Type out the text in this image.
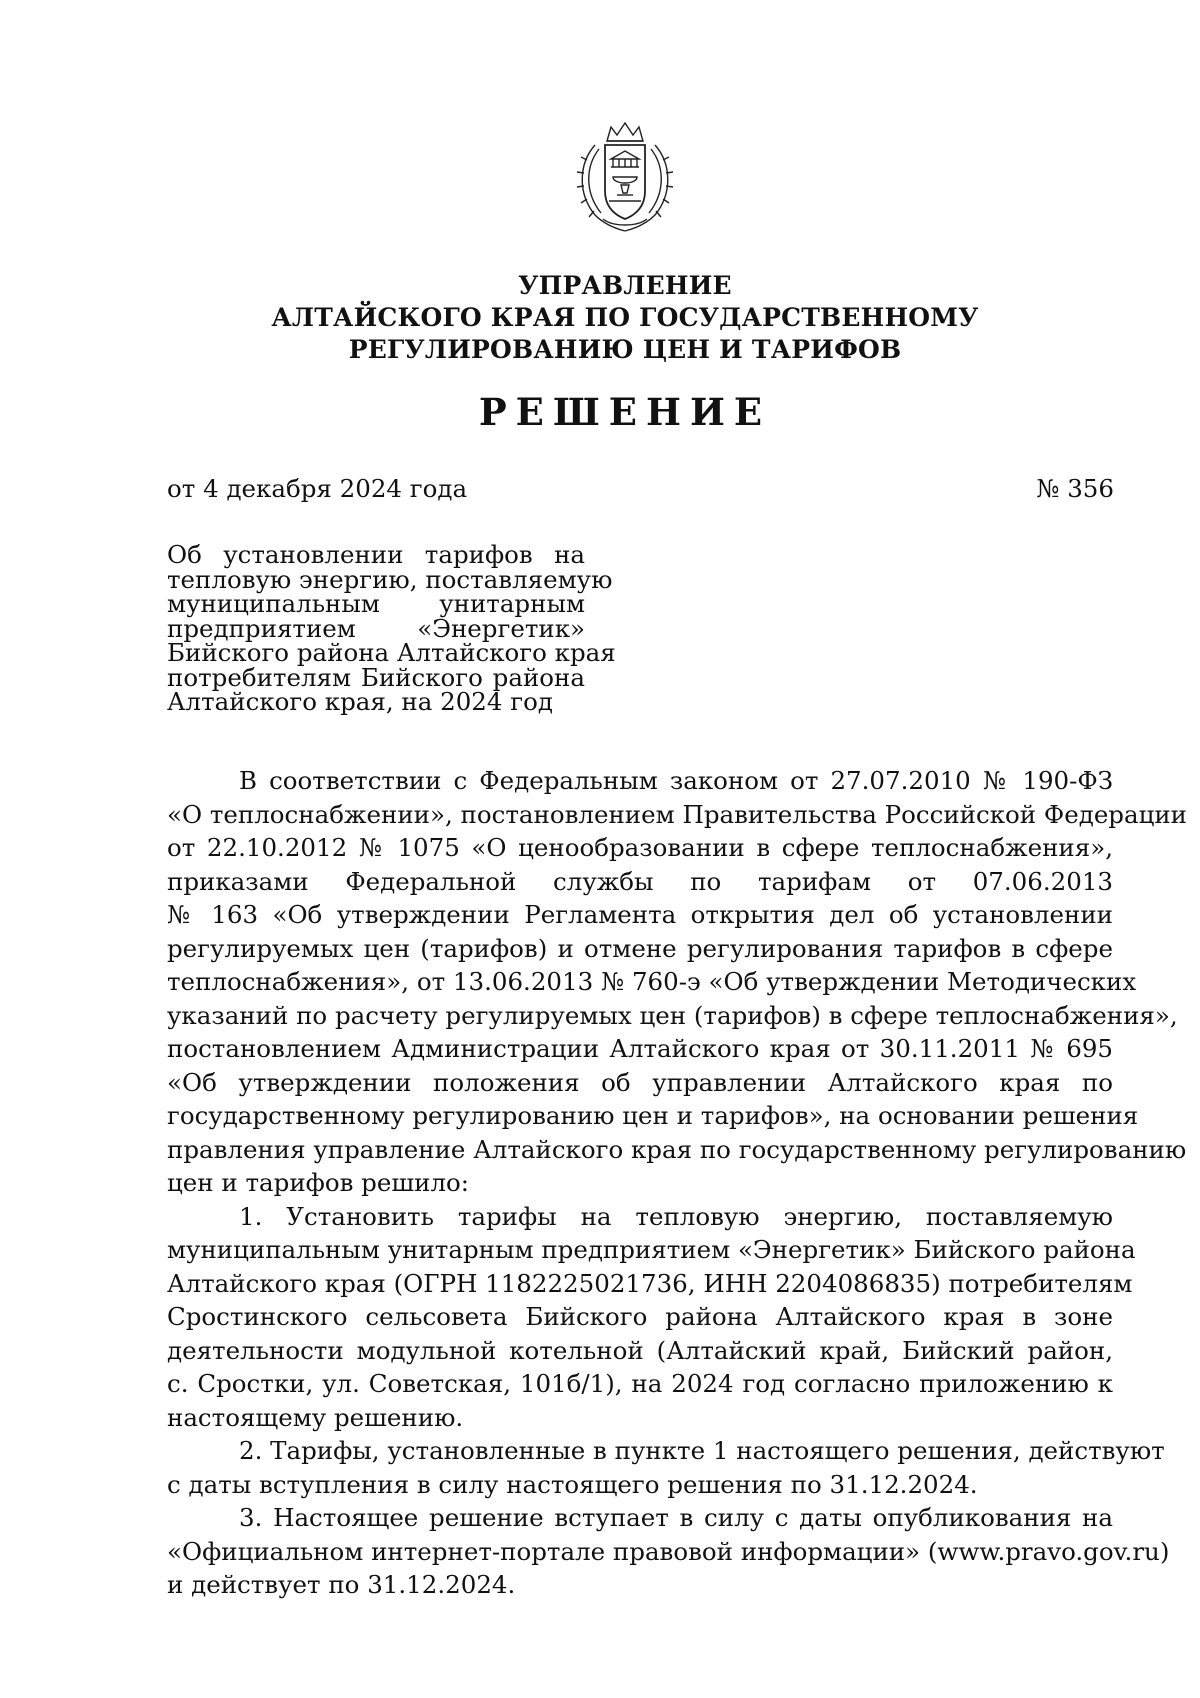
УПРАВЛЕНИЕ
АЛТАЙСКОГО КРАЯ ПО ГОСУДАРСТВЕННОМУ
РЕГУЛИРОВАНИЮ ЦЕН И ТАРИФОВ
РЕШЕНИЕ
от 4 декабря 2024 года	№ 356
Об установлении тарифов на
тепловую энергию, поставляемую
муниципальным унитарным
предприятием «Энергетик»
Бийского района Алтайского края
потребителям Бийского района
Алтайского края, на 2024 год
В соответствии с Федеральным законом от 27.07.2010 № 190-ФЗ
«О теплоснабжении», постановлением Правительства Российской Федерации
от 22.10.2012 № 1075 «О ценообразовании в сфере теплоснабжения»,
приказами Федеральной службы по тарифам от 07.06.2013
№ 163 «Об утверждении Регламента открытия дел об установлении
регулируемых цен (тарифов) и отмене регулирования тарифов в сфере
теплоснабжения», от 13.06.2013 № 760-э «Об утверждении Методических
указаний по расчету регулируемых цен (тарифов) в сфере теплоснабжения»,
постановлением Администрации Алтайского края от 30.11.2011 № 695
«Об утверждении положения об управлении Алтайского края по
государственному регулированию цен и тарифов», на основании решения
правления управление Алтайского края по государственному регулированию
цен и тарифов решило:
1. Установить тарифы на тепловую энергию, поставляемую
муниципальным унитарным предприятием «Энергетик» Бийского района
Алтайского края (ОГРН 1182225021736, ИНН 2204086835) потребителям
Сростинского сельсовета Бийского района Алтайского края в зоне
деятельности модульной котельной (Алтайский край, Бийский район,
с. Сростки, ул. Советская, 101б/1), на 2024 год согласно приложению к
настоящему решению.
2. Тарифы, установленные в пункте 1 настоящего решения, действуют
с даты вступления в силу настоящего решения по 31.12.2024.
3. Настоящее решение вступает в силу с даты опубликования на
«Официальном интернет-портале правовой информации» (www.pravo.gov.ru)
и действует по 31.12.2024.
